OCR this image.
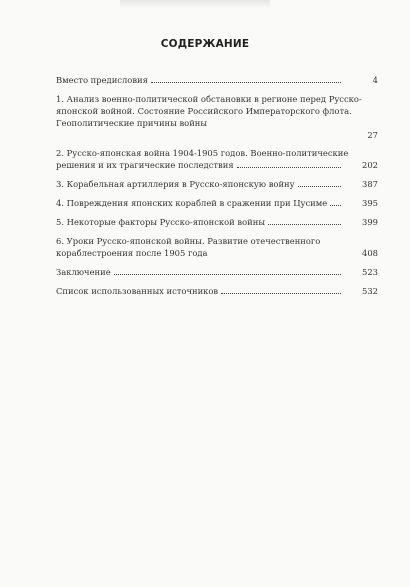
СОДЕРЖАНИЕ
Вместо предисловия	4
1. Анализ военно-политической обстановки в регионе перед Русско-
японской войной. Состояние Российского Императорского флота.
Геополитические причины войны
27
2. Русско-японская война 1904-1905 годов. Военно-политические
решения и их трагические последствия	202
3. Корабельная артиллерия в Русско-японскую войну	387
4. Повреждения японских кораблей в сражении при Цусиме	395
5. Некоторые факторы Русско-японской войны	399
6. Уроки Русско-японской войны. Развитие отечественного
кораблестроения после 1905 года	408
Заключение	523
Список использованных источников	532
